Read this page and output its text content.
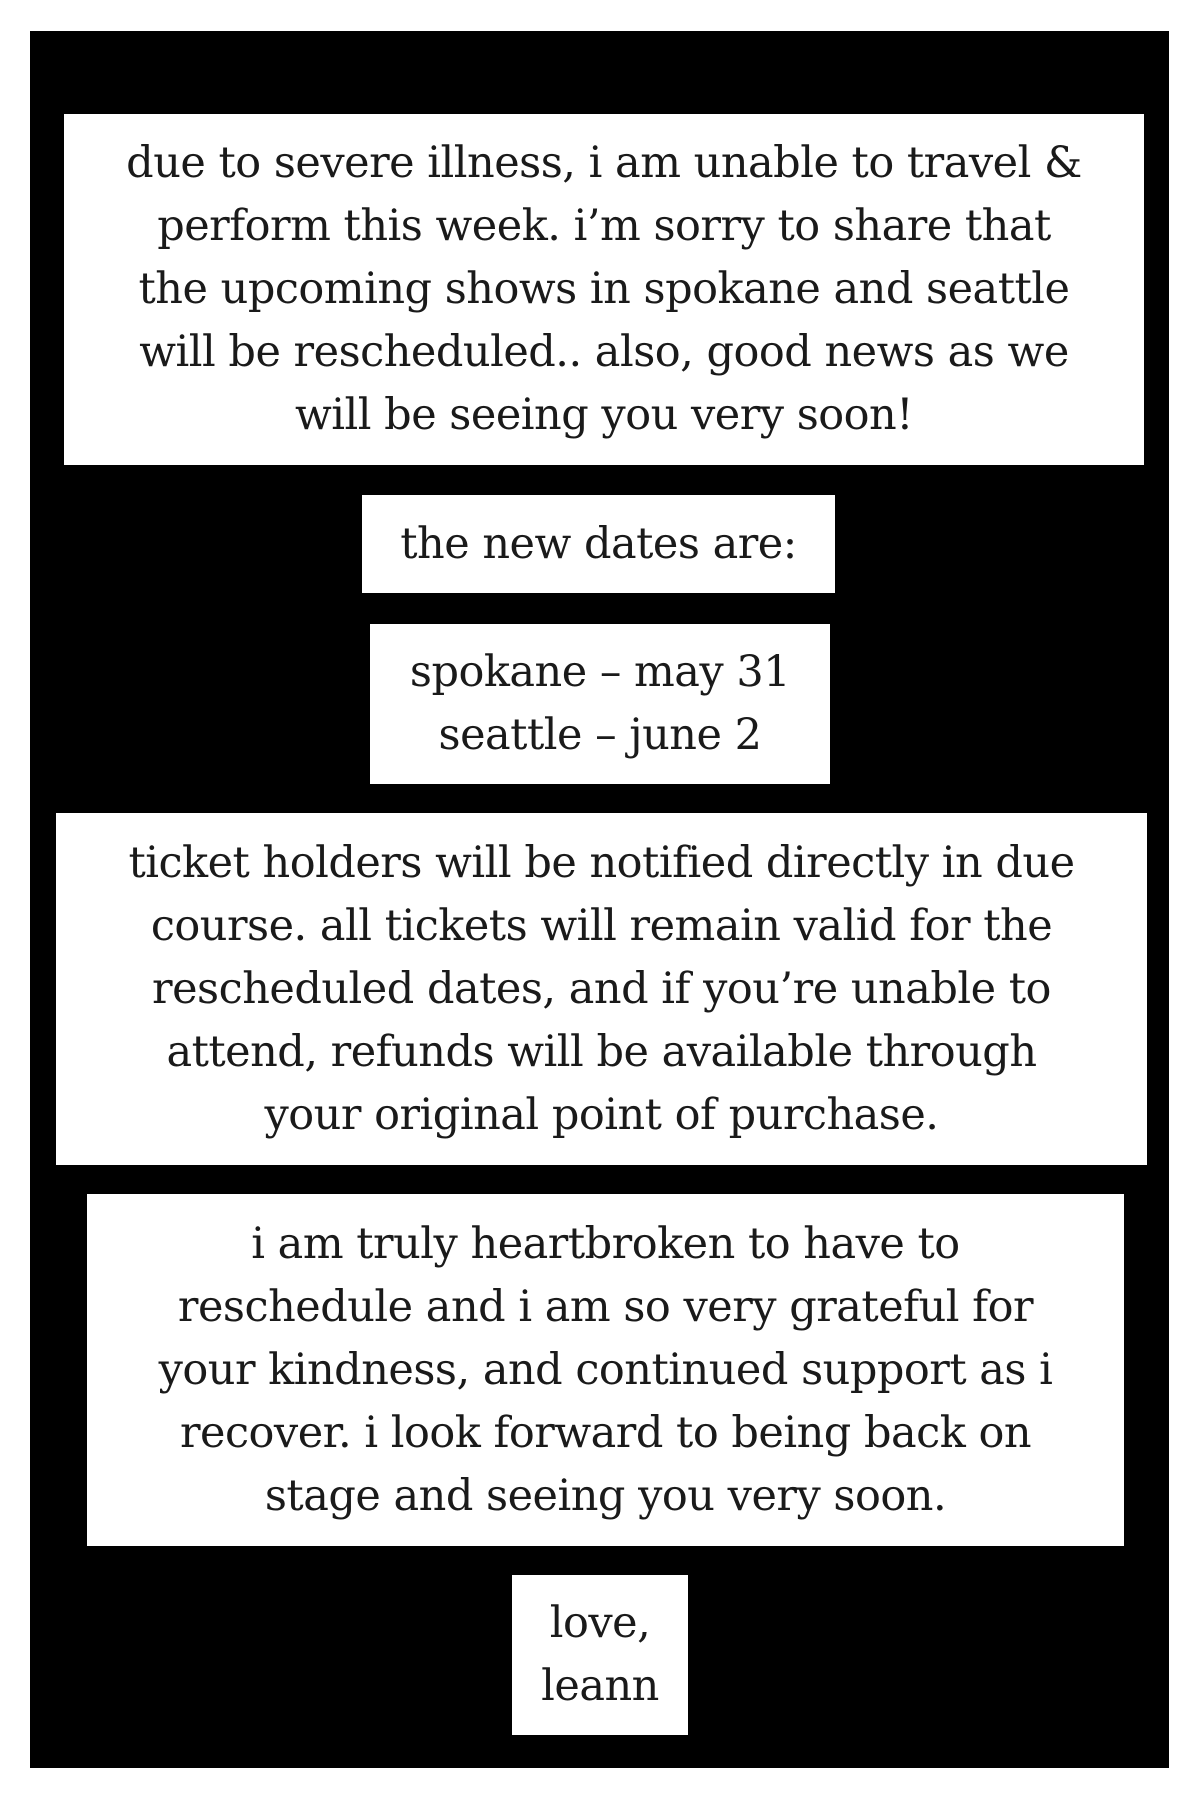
due to severe illness, i am unable to travel &
perform this week. i’m sorry to share that
the upcoming shows in spokane and seattle
will be rescheduled.. also, good news as we
will be seeing you very soon!

the new dates are:

spokane – may 31
seattle – june 2

ticket holders will be notified directly in due
course. all tickets will remain valid for the
rescheduled dates, and if you’re unable to
attend, refunds will be available through
your original point of purchase.

i am truly heartbroken to have to
reschedule and i am so very grateful for
your kindness, and continued support as i
recover. i look forward to being back on
stage and seeing you very soon.

love,
leann
